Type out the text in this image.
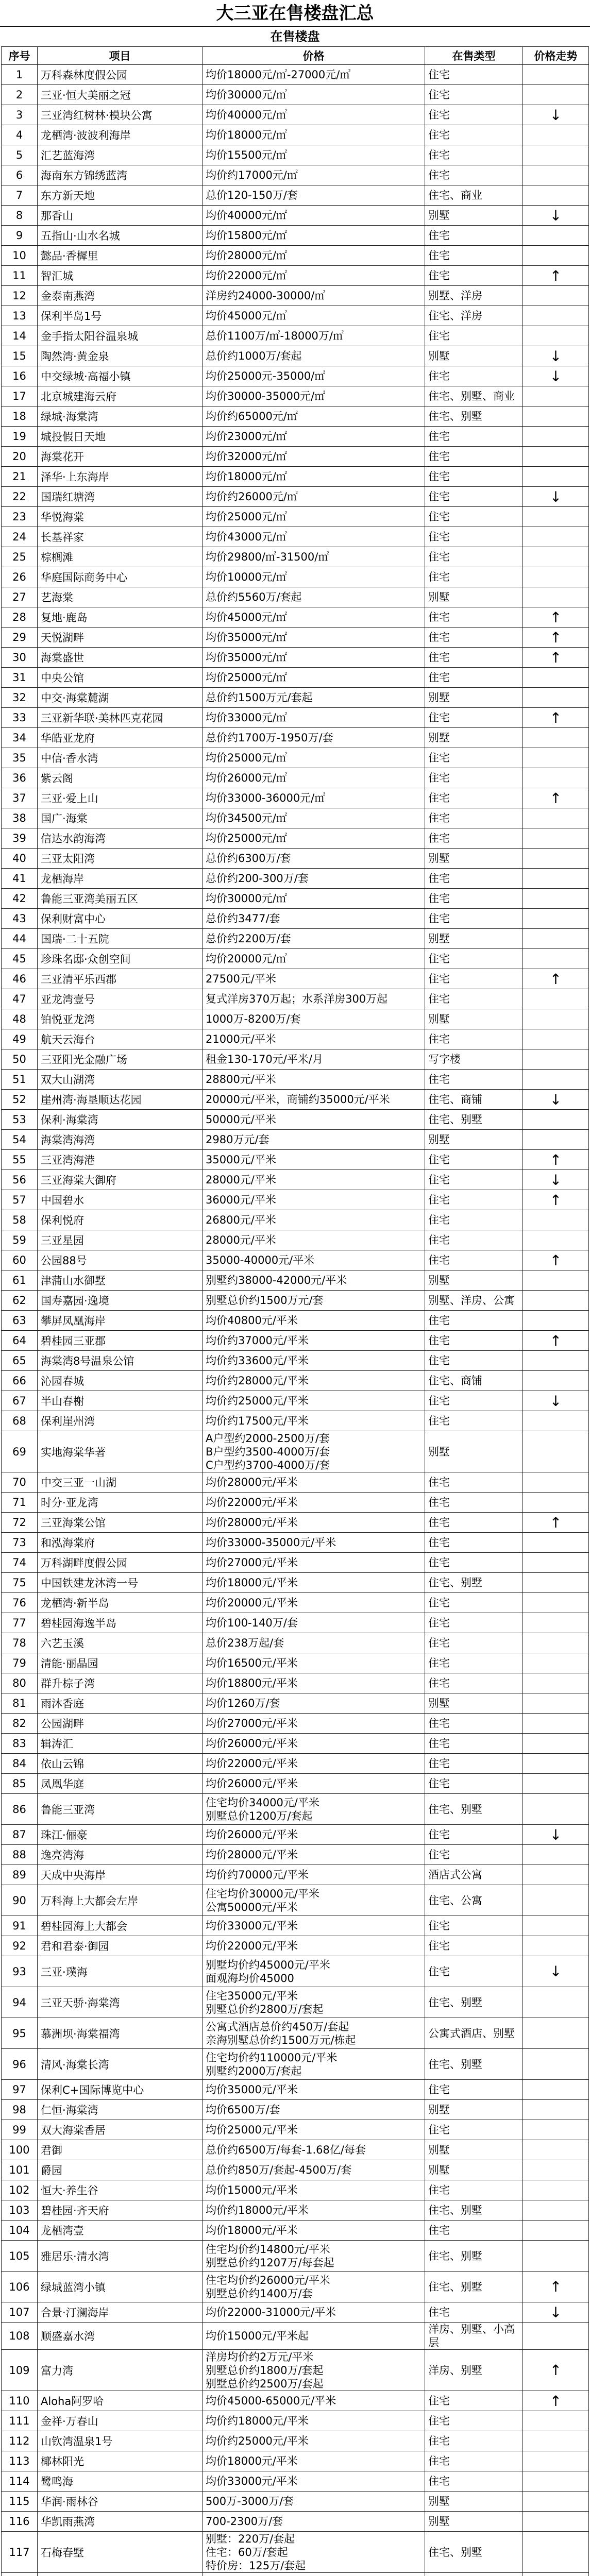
大三亚在售楼盘汇总
在售楼盘
序号	项目	价格	在售类型	价格走势
1	万科森林度假公园	均价18000元/㎡-27000元/㎡	住宅	
2	三亚·恒大美丽之冠	均价30000元/㎡	住宅	
3	三亚湾红树林·模块公寓	均价40000元/㎡	住宅	↓
4	龙栖湾·波波利海岸	均价18000元/㎡	住宅	
5	汇艺蓝海湾	均价15500元/㎡	住宅	
6	海南东方锦绣蓝湾	均价约17000元/㎡	住宅	
7	东方新天地	总价120-150万/套	住宅、商业	
8	那香山	均价40000元/㎡	别墅	↓
9	五指山·山水名城	均价15800元/㎡	住宅	
10	懿品·香樨里	均价28000元/㎡	住宅	
11	智汇城	均价22000元/㎡	住宅	↑
12	金泰南燕湾	洋房约24000-30000/㎡	别墅、洋房	
13	保利半岛1号	均价45000元/㎡	住宅、洋房	
14	金手指太阳谷温泉城	总价1100万/㎡-18000万/㎡	住宅	
15	陶然湾·黄金泉	总价约1000万/套起	别墅	↓
16	中交绿城·高福小镇	均价25000元-35000/㎡	住宅	↓
17	北京城建海云府	均价30000-35000元/㎡	住宅、别墅、商业	
18	绿城·海棠湾	均价约65000元/㎡	住宅、别墅	
19	城投假日天地	均价23000元/㎡	住宅	
20	海棠花开	均价32000元/㎡	住宅	
21	泽华·上东海岸	均价18000元/㎡	住宅	
22	国瑞红塘湾	均价约26000元/㎡	住宅	↓
23	华悦海棠	均价25000元/㎡	住宅	
24	长基祥家	均价43000元/㎡	住宅	
25	棕榈滩	均价29800/㎡-31500/㎡	住宅	
26	华庭国际商务中心	均价10000元/㎡	住宅	
27	艺海棠	总价约5560万/套起	别墅	
28	复地·鹿岛	均价45000元/㎡	住宅	↑
29	天悦湖畔	均价35000元/㎡	住宅	↑
30	海棠盛世	均价35000元/㎡	住宅	↑
31	中央公馆	均价25000元/㎡	住宅	
32	中交·海棠麓湖	总价约1500万元/套起	别墅	
33	三亚新华联·美林匹克花园	均价33000元/㎡	住宅	↑
34	华皓亚龙府	总价约1700万-1950万/套	别墅	
35	中信·香水湾	均价25000元/㎡	住宅	
36	紫云阁	均价26000元/㎡	住宅	
37	三亚·爱上山	均价33000-36000元/㎡	住宅	↑
38	国广·海棠	均价34500元/㎡	住宅	
39	信达水韵海湾	均价25000元/㎡	住宅	
40	三亚太阳湾	总价约6300万/套	别墅	
41	龙栖海岸	总价约200-300万/套	住宅	
42	鲁能三亚湾美丽五区	均价30000元/㎡	住宅	
43	保利财富中心	总价约3477/套	住宅	
44	国瑞·二十五院	总价约2200万/套	别墅	
45	珍珠名邸·众创空间	均价20000元/㎡	住宅	
46	三亚清平乐西郡	27500元/平米	住宅	↑
47	亚龙湾壹号	复式洋房370万起；水系洋房300万起	住宅	
48	铂悦亚龙湾	1000万-8200万/套	别墅	
49	航天云海台	21000元/平米	住宅	
50	三亚阳光金融广场	租金130-170元/平米/月	写字楼	
51	双大山湖湾	28800元/平米	住宅	
52	崖州湾·海垦顺达花园	20000元/平米，商铺约35000元/平米	住宅、商铺	↓
53	保利·海棠湾	50000元/平米	住宅、别墅	
54	海棠湾海湾	2980万元/套	别墅	
55	三亚湾海港	35000元/平米	住宅	↑
56	三亚海棠大御府	28000元/平米	住宅	↓
57	中国碧水	36000元/平米	住宅	↑
58	保利悦府	26800元/平米	住宅	
59	三亚星园	28000元/平米	住宅	
60	公园88号	35000-40000元/平米	住宅	↑
61	津蒲山水御墅	别墅约38000-42000元/平米	别墅	
62	国寿嘉园·逸境	别墅总价约1500万元/套	别墅、洋房、公寓	
63	攀屏凤凰海岸	均价40800元/平米	住宅	
64	碧桂园三亚郡	均价约37000元/平米	住宅	↑
65	海棠湾8号温泉公馆	均价约33600元/平米	住宅	
66	沁园春城	均价约28000元/平米	住宅、商铺	
67	半山春榭	均价约25000元/平米	住宅	↓
68	保利崖州湾	均价约17500元/平米	住宅	
69	实地海棠华著	A户型约2000-2500万/套
B户型约3500-4000万/套
C户型约3700-4000万/套	别墅	
70	中交三亚一山湖	均价28000元/平米	住宅	
71	时分·亚龙湾	均价22000元/平米	住宅	
72	三亚海棠公馆	均价28000元/平米	住宅	↑
73	和泓海棠府	均价33000-35000元/平米	住宅	
74	万科湖畔度假公园	均价27000元/平米	住宅	
75	中国铁建龙沐湾一号	均价18000元/平米	住宅、别墅	
76	龙栖湾·新半岛	均价20000元/平米	住宅	
77	碧桂园海逸半岛	均价100-140万/套	住宅	
78	六艺玉溪	总价238万起/套	住宅	
79	清能·丽晶园	均价16500元/平米	住宅	
80	群升棕子湾	均价18800元/平米	住宅	
81	雨沐香庭	均价1260万/套	别墅	
82	公园湖畔	均价27000元/平米	住宅	
83	辑涛汇	均价26000元/平米	住宅	
84	依山云锦	均价22000元/平米	住宅	
85	凤凰华庭	均价26000元/平米	住宅	
86	鲁能三亚湾	住宅均价34000元/平米
别墅总价1200万/套起	住宅、别墅	
87	珠江·俪豪	均价26000元/平米	住宅	↓
88	逸亮湾海	均价28000元/平米	住宅	
89	天成中央海岸	均价约70000元/平米	酒店式公寓	
90	万科海上大都会左岸	住宅均价30000元/平米
公寓50000元/平米	住宅、公寓	
91	碧桂园海上大都会	均价33000元/平米	住宅	
92	君和君泰·御园	均价22000元/平米	住宅	
93	三亚·璞海	别墅均价约45000元/平米
面观海均价45000	住宅	↓
94	三亚天骄·海棠湾	住宅35000元/平米
别墅总价约2800万/套起	住宅、别墅	
95	慕洲坝·海棠福湾	公寓式酒店总价约450万/套起
亲海别墅总价约1500万元/栋起	公寓式酒店、别墅	
96	清风·海棠长湾	住宅均价约110000元/平米
别墅约2000万/套起	住宅、别墅	
97	保利C+国际博览中心	均价35000元/平米	住宅	
98	仁恒·海棠湾	均价6500万/套	别墅	
99	双大海棠香居	均价25000元/平米	住宅	
100	君御	总价约6500万/每套-1.68亿/每套	别墅	
101	爵园	总价约850万/套起-4500万/套	别墅	
102	恒大·养生谷	均价15000元/平米	住宅	
103	碧桂园·齐天府	均价约18000元/平米	住宅、别墅	
104	龙栖湾壹	均价18000元/平米	住宅	
105	雅居乐·清水湾	住宅均价约14800元/平米
别墅总价约1207万/每套起	住宅、别墅	
106	绿城蓝湾小镇	住宅均价约26000元/平米
别墅总价约1400万/套	住宅、别墅	↑
107	合景·汀澜海岸	均价22000-31000元/平米	住宅	↓
108	顺盛嘉水湾	均价15000元/平米起	洋房、别墅、小高层	
109	富力湾	洋房均价约2万元/平米
别墅总价约1800万/套起
别墅总价约2500万/套起	洋房、别墅	↑
110	Aloha阿罗哈	均价45000-65000元/平米	住宅	↑
111	金祥·万春山	均价约18000元/平米	住宅	
112	山钦湾温泉1号	均价约25000元/平米	住宅	
113	椰林阳光	均价18000元/平米	住宅	
114	鹭鸣海	均价33000元/平米	住宅	
115	华润·雨林谷	500万-3000万/套	别墅	
116	华凯雨燕湾	700-2300万/套	别墅	
117	石梅春墅	别墅：220万/套起
住宅：60万/套起
特价房：125万/套起	住宅、别墅	
